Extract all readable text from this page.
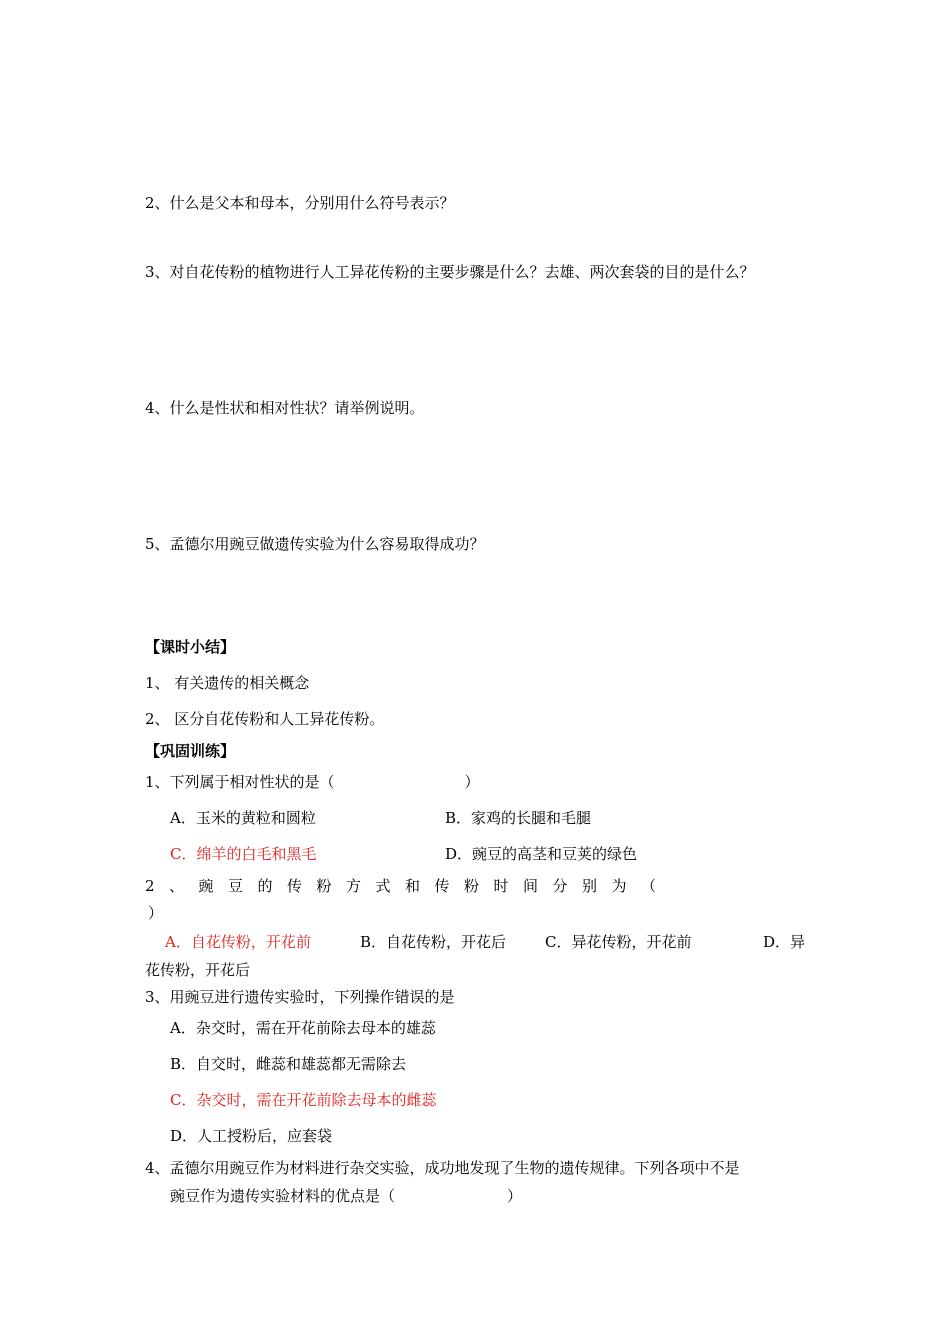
2、什么是父本和母本，分别用什么符号表示？
3、对自花传粉的植物进行人工异花传粉的主要步骤是什么？去雄、两次套袋的目的是什么？
4、什么是性状和相对性状？请举例说明。
5、孟德尔用豌豆做遗传实验为什么容易取得成功？
【课时小结】
1、 有关遗传的相关概念
2、 区分自花传粉和人工异花传粉。
【巩固训练】
1、下列属于相对性状的是（	）
A．玉米的黄粒和圆粒	B．家鸡的长腿和毛腿
C．绵羊的白毛和黑毛	D．豌豆的高茎和豆荚的绿色
2、豌豆的传粉方式和传粉时间分别为（
）
A．自花传粉，开花前	B．自花传粉，开花后	C．异花传粉，开花前	D．异
花传粉，开花后
3、用豌豆进行遗传实验时，下列操作错误的是
A．杂交时，需在开花前除去母本的雄蕊
B．自交时，雌蕊和雄蕊都无需除去
C．杂交时，需在开花前除去母本的雌蕊
D．人工授粉后，应套袋
4、孟德尔用豌豆作为材料进行杂交实验，成功地发现了生物的遗传规律。下列各项中不是
豌豆作为遗传实验材料的优点是（	）
